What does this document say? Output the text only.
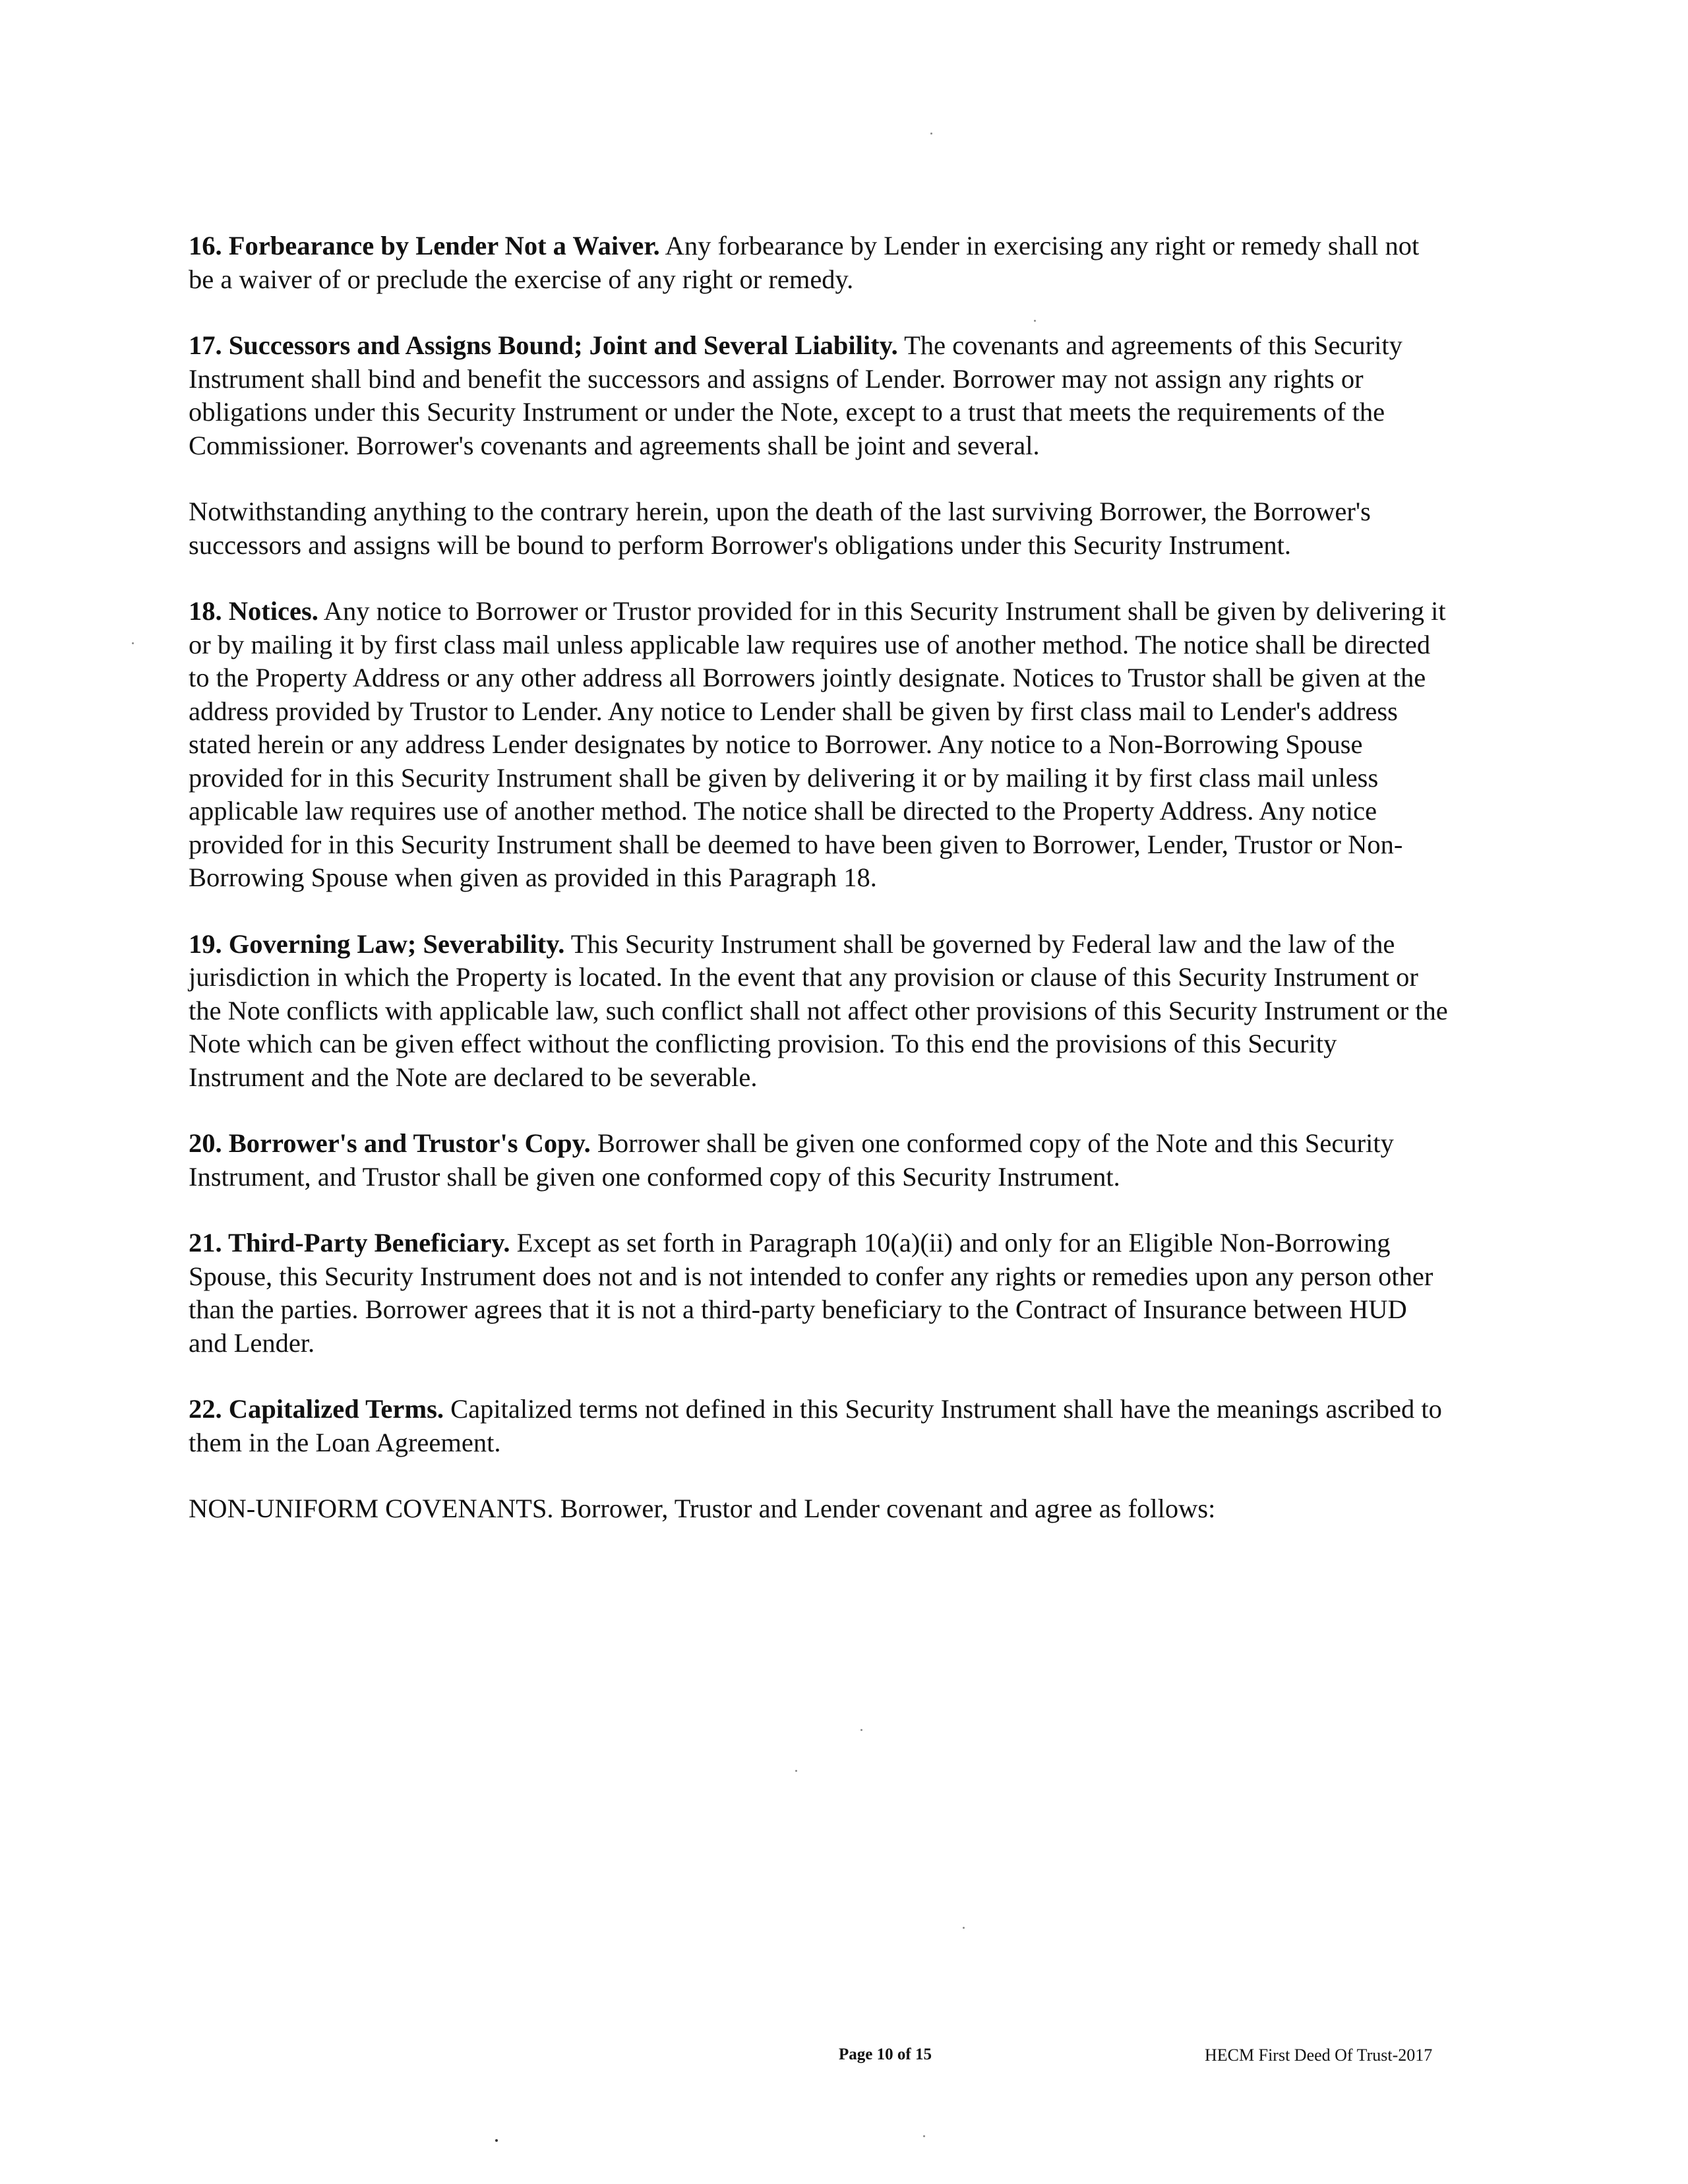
16. Forbearance by Lender Not a Waiver. Any forbearance by Lender in exercising any right or remedy shall not be a waiver of or preclude the exercise of any right or remedy.

17. Successors and Assigns Bound; Joint and Several Liability. The covenants and agreements of this Security Instrument shall bind and benefit the successors and assigns of Lender. Borrower may not assign any rights or obligations under this Security Instrument or under the Note, except to a trust that meets the requirements of the Commissioner. Borrower's covenants and agreements shall be joint and several.

Notwithstanding anything to the contrary herein, upon the death of the last surviving Borrower, the Borrower's successors and assigns will be bound to perform Borrower's obligations under this Security Instrument.

18. Notices. Any notice to Borrower or Trustor provided for in this Security Instrument shall be given by delivering it or by mailing it by first class mail unless applicable law requires use of another method. The notice shall be directed to the Property Address or any other address all Borrowers jointly designate. Notices to Trustor shall be given at the address provided by Trustor to Lender. Any notice to Lender shall be given by first class mail to Lender's address stated herein or any address Lender designates by notice to Borrower. Any notice to a Non-Borrowing Spouse provided for in this Security Instrument shall be given by delivering it or by mailing it by first class mail unless applicable law requires use of another method. The notice shall be directed to the Property Address. Any notice provided for in this Security Instrument shall be deemed to have been given to Borrower, Lender, Trustor or Non-Borrowing Spouse when given as provided in this Paragraph 18.

19. Governing Law; Severability. This Security Instrument shall be governed by Federal law and the law of the jurisdiction in which the Property is located. In the event that any provision or clause of this Security Instrument or the Note conflicts with applicable law, such conflict shall not affect other provisions of this Security Instrument or the Note which can be given effect without the conflicting provision. To this end the provisions of this Security Instrument and the Note are declared to be severable.

20. Borrower's and Trustor's Copy. Borrower shall be given one conformed copy of the Note and this Security Instrument, and Trustor shall be given one conformed copy of this Security Instrument.

21. Third-Party Beneficiary. Except as set forth in Paragraph 10(a)(ii) and only for an Eligible Non-Borrowing Spouse, this Security Instrument does not and is not intended to confer any rights or remedies upon any person other than the parties. Borrower agrees that it is not a third-party beneficiary to the Contract of Insurance between HUD and Lender.

22. Capitalized Terms. Capitalized terms not defined in this Security Instrument shall have the meanings ascribed to them in the Loan Agreement.

NON-UNIFORM COVENANTS. Borrower, Trustor and Lender covenant and agree as follows:

Page 10 of 15	HECM First Deed Of Trust-2017
